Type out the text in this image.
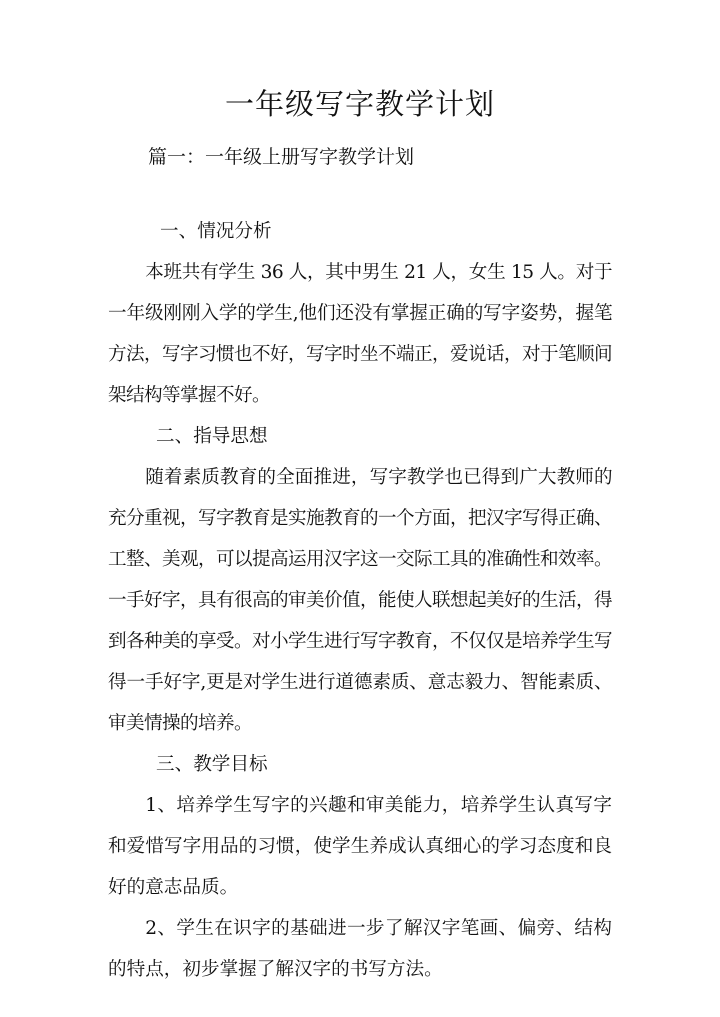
一年级写字教学计划
篇一：一年级上册写字教学计划

一、情况分析

本班共有学生 36 人，其中男生 21 人，女生 15 人。对于一年级刚刚入学的学生,他们还没有掌握正确的写字姿势，握笔方法，写字习惯也不好，写字时坐不端正，爱说话，对于笔顺间架结构等掌握不好。

二、指导思想

随着素质教育的全面推进，写字教学也已得到广大教师的充分重视，写字教育是实施教育的一个方面，把汉字写得正确、工整、美观，可以提高运用汉字这一交际工具的准确性和效率。一手好字，具有很高的审美价值，能使人联想起美好的生活，得到各种美的享受。对小学生进行写字教育，不仅仅是培养学生写得一手好字,更是对学生进行道德素质、意志毅力、智能素质、审美情操的培养。

三、教学目标

1、培养学生写字的兴趣和审美能力，培养学生认真写字和爱惜写字用品的习惯，使学生养成认真细心的学习态度和良好的意志品质。

2、学生在识字的基础进一步了解汉字笔画、偏旁、结构的特点，初步掌握了解汉字的书写方法。
